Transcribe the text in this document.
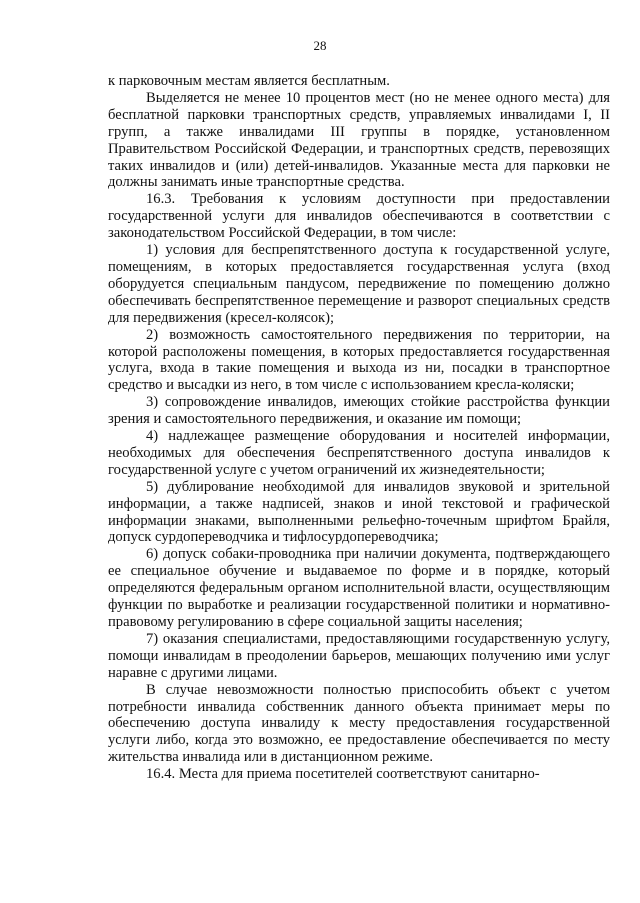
28

к парковочным местам является бесплатным.

Выделяется не менее 10 процентов мест (но не менее одного места) для бесплатной парковки транспортных средств, управляемых инвалидами I, II групп, а также инвалидами III группы в порядке, установленном Правительством Российской Федерации, и транспортных средств, перевозящих таких инвалидов и (или) детей-инвалидов. Указанные места для парковки не должны занимать иные транспортные средства.

16.3. Требования к условиям доступности при предоставлении государственной услуги для инвалидов обеспечиваются в соответствии с законодательством Российской Федерации, в том числе:

1) условия для беспрепятственного доступа к государственной услуге, помещениям, в которых предоставляется государственная услуга (вход оборудуется специальным пандусом, передвижение по помещению должно обеспечивать беспрепятственное перемещение и разворот специальных средств для передвижения (кресел-колясок);

2) возможность самостоятельного передвижения по территории, на которой расположены помещения, в которых предоставляется государственная услуга, входа в такие помещения и выхода из ни, посадки в транспортное средство и высадки из него, в том числе с использованием кресла-коляски;

3) сопровождение инвалидов, имеющих стойкие расстройства функции зрения и самостоятельного передвижения, и оказание им помощи;

4) надлежащее размещение оборудования и носителей информации, необходимых для обеспечения беспрепятственного доступа инвалидов к государственной услуге с учетом ограничений их жизнедеятельности;

5) дублирование необходимой для инвалидов звуковой и зрительной информации, а также надписей, знаков и иной текстовой и графической информации знаками, выполненными рельефно-точечным шрифтом Брайля, допуск сурдопереводчика и тифлосурдопереводчика;

6) допуск собаки-проводника при наличии документа, подтверждающего ее специальное обучение и выдаваемое по форме и в порядке, который определяются федеральным органом исполнительной власти, осуществляющим функции по выработке и реализации государственной политики и нормативно-правовому регулированию в сфере социальной защиты населения;

7) оказания специалистами, предоставляющими государственную услугу, помощи инвалидам в преодолении барьеров, мешающих получению ими услуг наравне с другими лицами.

В случае невозможности полностью приспособить объект с учетом потребности инвалида собственник данного объекта принимает меры по обеспечению доступа инвалиду к месту предоставления государственной услуги либо, когда это возможно, ее предоставление обеспечивается по месту жительства инвалида или в дистанционном режиме.

16.4. Места для приема посетителей соответствуют санитарно-
